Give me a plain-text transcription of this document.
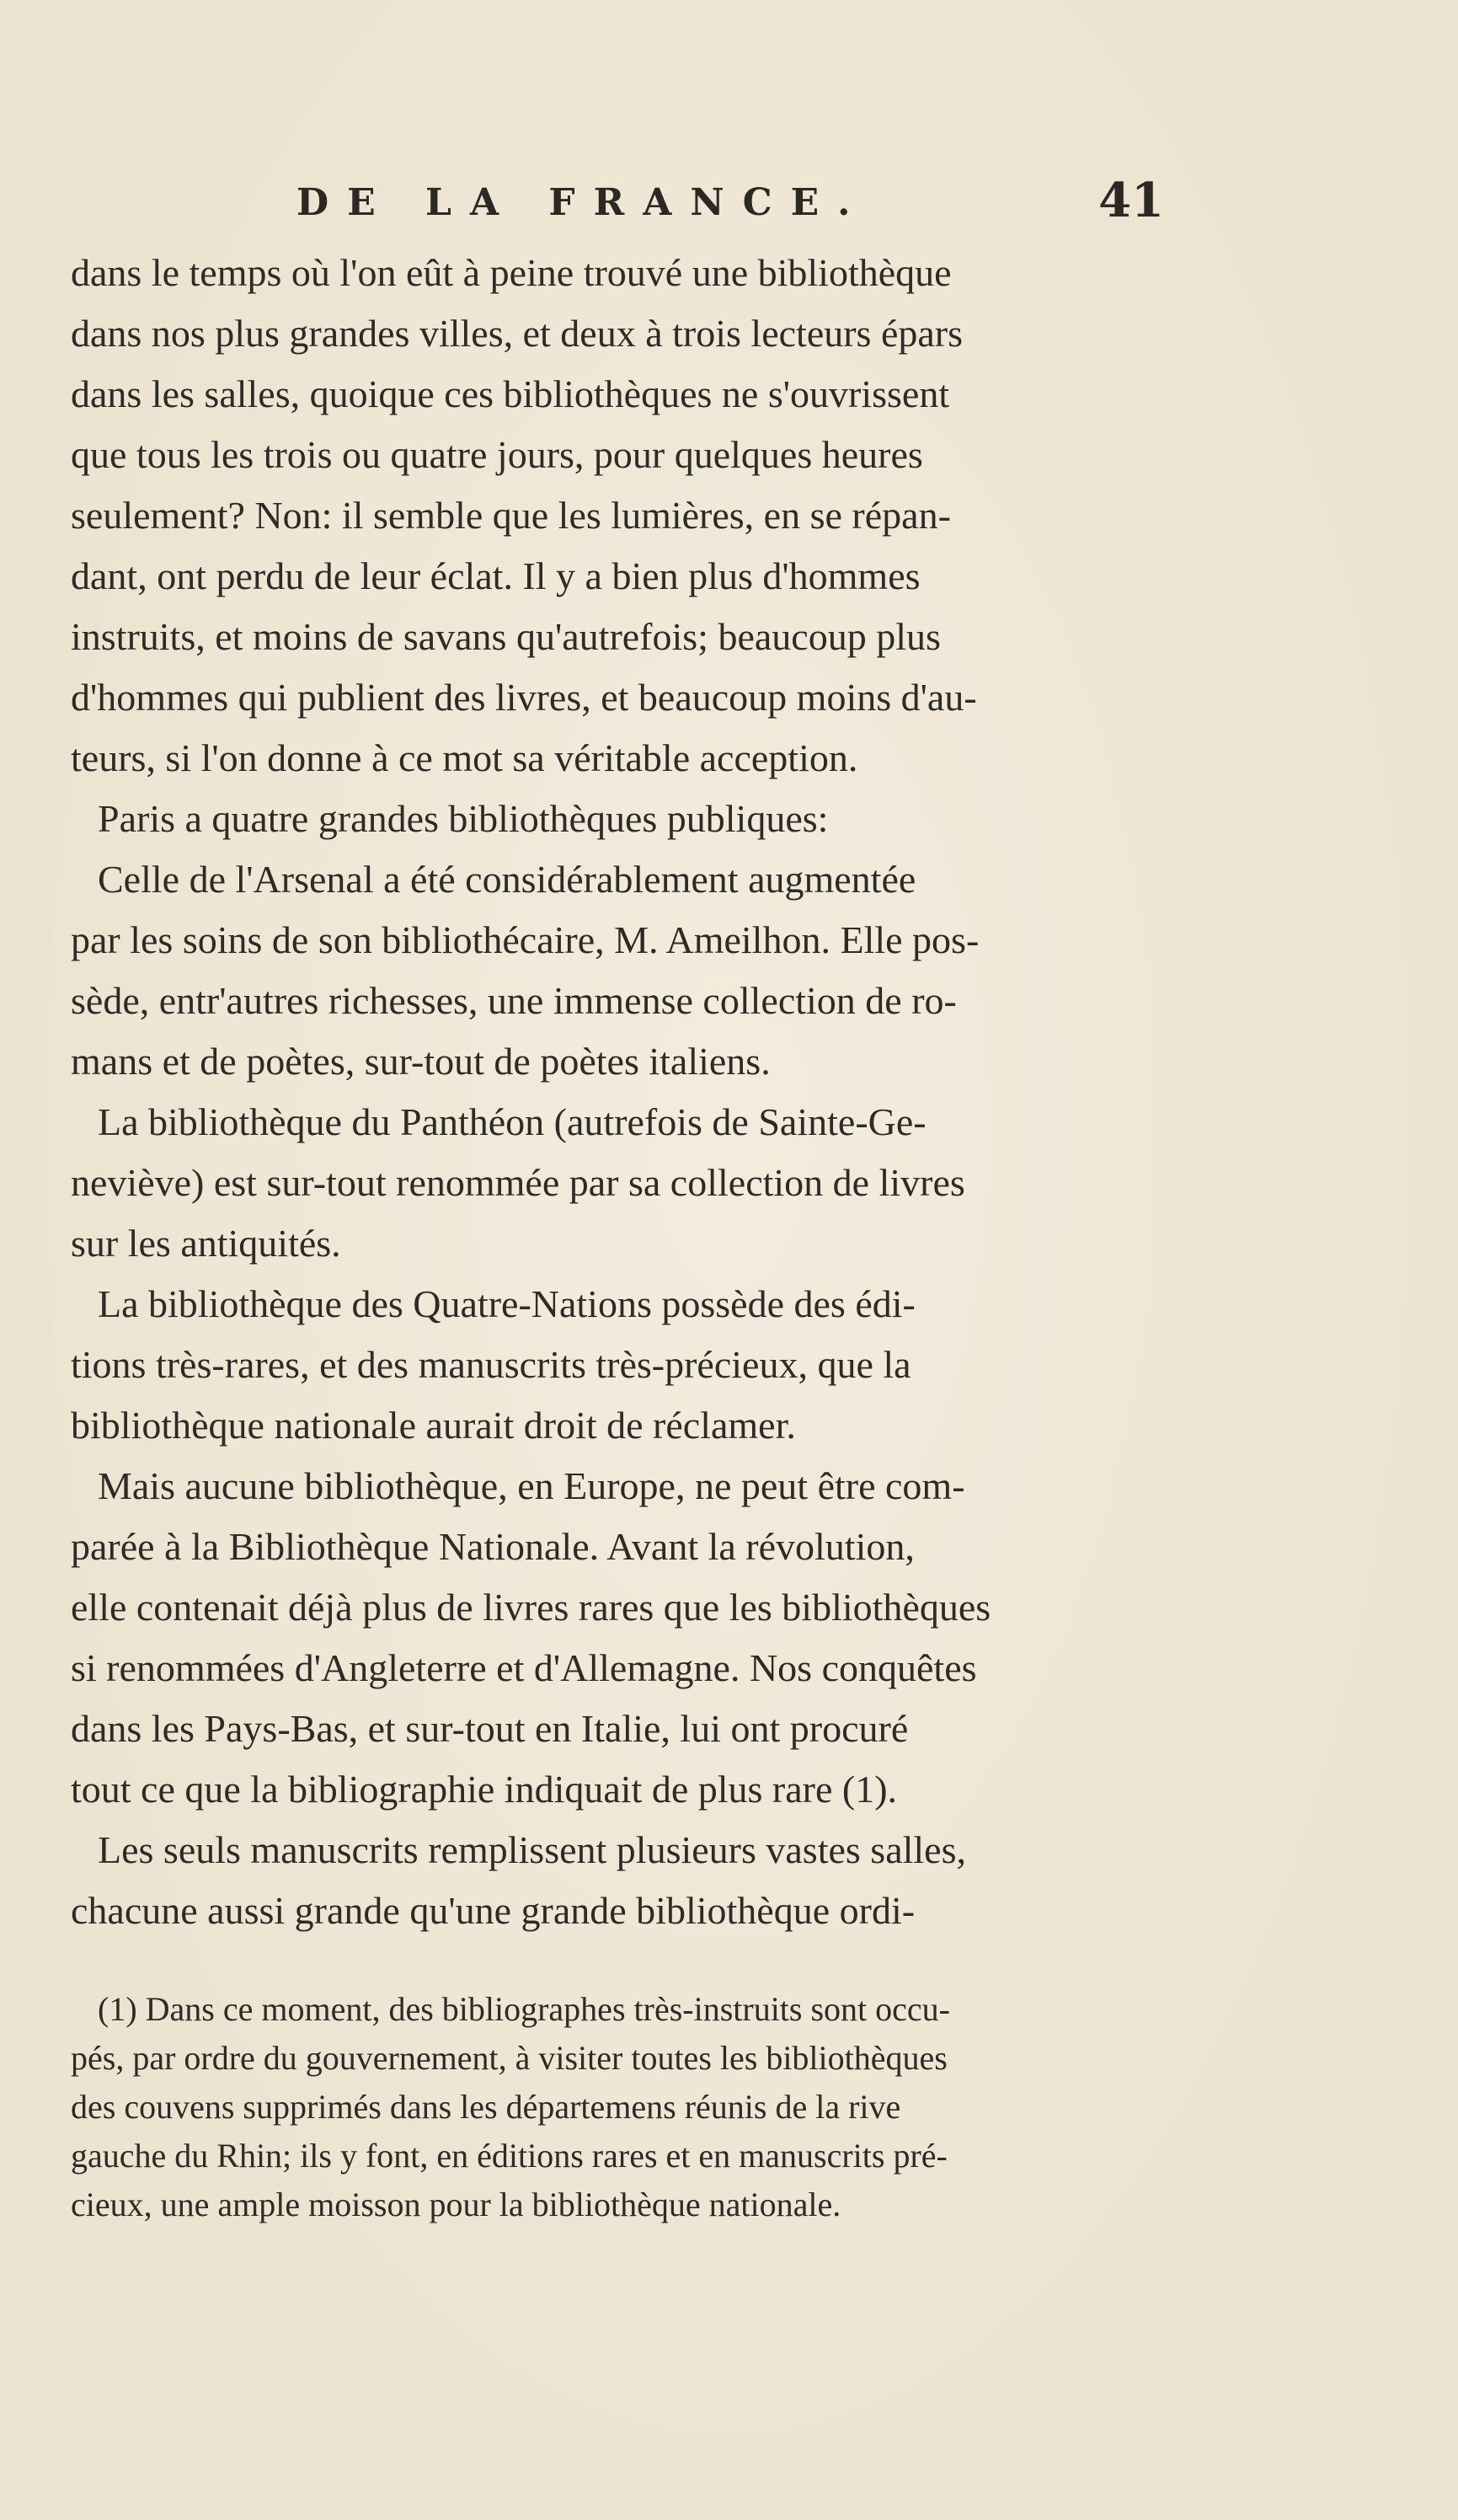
DE LA FRANCE.	41
dans le temps où l'on eût à peine trouvé une bibliothèque
dans nos plus grandes villes, et deux à trois lecteurs épars
dans les salles, quoique ces bibliothèques ne s'ouvrissent
que tous les trois ou quatre jours, pour quelques heures
seulement? Non: il semble que les lumières, en se répan-
dant, ont perdu de leur éclat. Il y a bien plus d'hommes
instruits, et moins de savans qu'autrefois; beaucoup plus
d'hommes qui publient des livres, et beaucoup moins d'au-
teurs, si l'on donne à ce mot sa véritable acception.
Paris a quatre grandes bibliothèques publiques:
Celle de l'Arsenal a été considérablement augmentée
par les soins de son bibliothécaire, M. Ameilhon. Elle pos-
sède, entr'autres richesses, une immense collection de ro-
mans et de poètes, sur-tout de poètes italiens.
La bibliothèque du Panthéon (autrefois de Sainte-Ge-
neviève) est sur-tout renommée par sa collection de livres
sur les antiquités.
La bibliothèque des Quatre-Nations possède des édi-
tions très-rares, et des manuscrits très-précieux, que la
bibliothèque nationale aurait droit de réclamer.
Mais aucune bibliothèque, en Europe, ne peut être com-
parée à la Bibliothèque Nationale. Avant la révolution,
elle contenait déjà plus de livres rares que les bibliothèques
si renommées d'Angleterre et d'Allemagne. Nos conquêtes
dans les Pays-Bas, et sur-tout en Italie, lui ont procuré
tout ce que la bibliographie indiquait de plus rare (1).
Les seuls manuscrits remplissent plusieurs vastes salles,
chacune aussi grande qu'une grande bibliothèque ordi-
(1) Dans ce moment, des bibliographes très-instruits sont occu-
pés, par ordre du gouvernement, à visiter toutes les bibliothèques
des couvens supprimés dans les départemens réunis de la rive
gauche du Rhin; ils y font, en éditions rares et en manuscrits pré-
cieux, une ample moisson pour la bibliothèque nationale.
